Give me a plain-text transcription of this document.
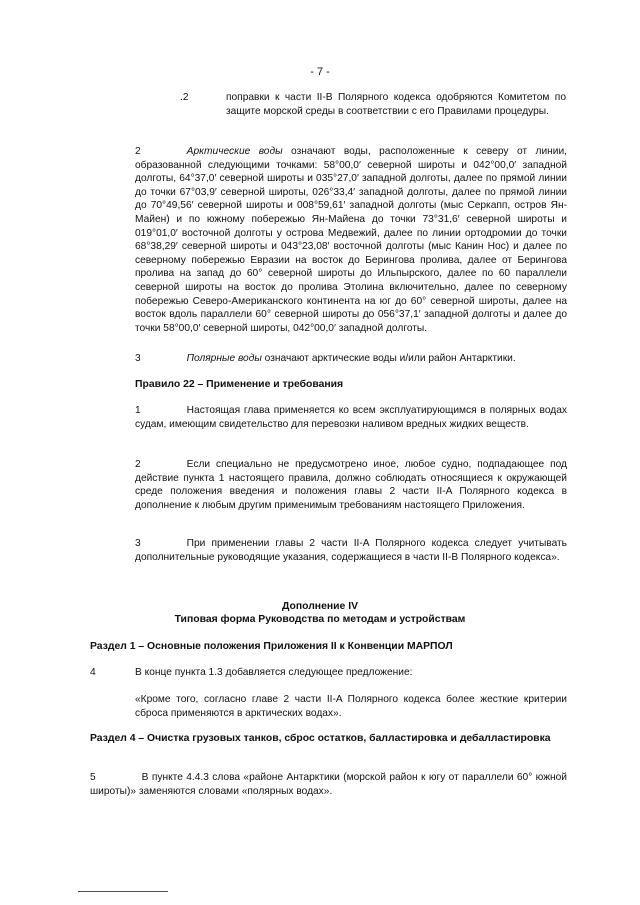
- 7 -

.2	поправки к части II-B Полярного кодекса одобряются Комитетом по защите морской среды в соответствии с его Правилами процедуры.

2	Арктические воды означают воды, расположенные к северу от линии, образованной следующими точками: 58°00,0′ северной широты и 042°00,0′ западной долготы, 64°37,0′ северной широты и 035°27,0′ западной долготы, далее по прямой линии до точки 67°03,9′ северной широты, 026°33,4′ западной долготы, далее по прямой линии до 70°49,56′ северной широты и 008°59,61′ западной долготы (мыс Серкапп, остров Ян-Майен) и по южному побережью Ян-Майена до точки 73°31,6′ северной широты и 019°01,0′ восточной долготы у острова Медвежий, далее по линии ортодромии до точки 68°38,29′ северной широты и 043°23,08′ восточной долготы (мыс Канин Нос) и далее по северному побережью Евразии на восток до Берингова пролива, далее от Берингова пролива на запад до 60° северной широты до Ильпырского, далее по 60 параллели северной широты на восток до пролива Этолина включительно, далее по северному побережью Северо-Американского континента на юг до 60° северной широты, далее на восток вдоль параллели 60° северной широты до 056°37,1′ западной долготы и далее до точки 58°00,0′ северной широты, 042°00,0′ западной долготы.

3	Полярные воды означают арктические воды и/или район Антарктики.

Правило 22 – Применение и требования

1	Настоящая глава применяется ко всем эксплуатирующимся в полярных водах судам, имеющим свидетельство для перевозки наливом вредных жидких веществ.

2	Если специально не предусмотрено иное, любое судно, подпадающее под действие пункта 1 настоящего правила, должно соблюдать относящиеся к окружающей среде положения введения и положения главы 2 части II-A Полярного кодекса в дополнение к любым другим применимым требованиям настоящего Приложения.

3	При применении главы 2 части II-A Полярного кодекса следует учитывать дополнительные руководящие указания, содержащиеся в части II-B Полярного кодекса».

Дополнение IV

Типовая форма Руководства по методам и устройствам

Раздел 1 – Основные положения Приложения II к Конвенции МАРПОЛ

4	В конце пункта 1.3 добавляется следующее предложение:

«Кроме того, согласно главе 2 части II-A Полярного кодекса более жесткие критерии сброса применяются в арктических водах».

Раздел 4 – Очистка грузовых танков, сброс остатков, балластировка и дебалластировка

5	В пункте 4.4.3 слова «районе Антарктики (морской район к югу от параллели 60° южной широты)» заменяются словами «полярных водах».
